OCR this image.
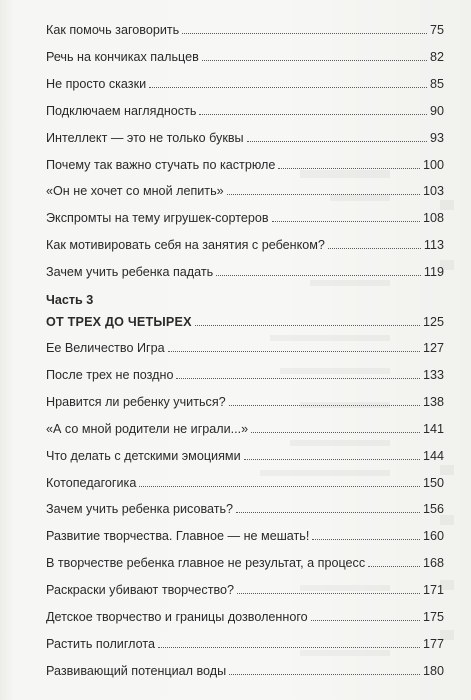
Как помочь заговорить	75
Речь на кончиках пальцев	82
Не просто сказки	85
Подключаем наглядность	90
Интеллект — это не только буквы	93
Почему так важно стучать по кастрюле	100
«Он не хочет со мной лепить»	103
Экспромты на тему игрушек-сортеров	108
Как мотивировать себя на занятия с ребенком?	113
Зачем учить ребенка падать	119
ОТ ТРЕХ ДО ЧЕТЫРЕХ	125
Ее Величество Игра	127
После трех не поздно	133
Нравится ли ребенку учиться?	138
«А со мной родители не играли...»	141
Что делать с детскими эмоциями	144
Котопедагогика	150
Зачем учить ребенка рисовать?	156
Развитие творчества. Главное — не мешать!	160
В творчестве ребенка главное не результат, а процесс	168
Раскраски убивают творчество?	171
Детское творчество и границы дозволенного	175
Растить полиглота	177
Развивающий потенциал воды	180
Часть 3
